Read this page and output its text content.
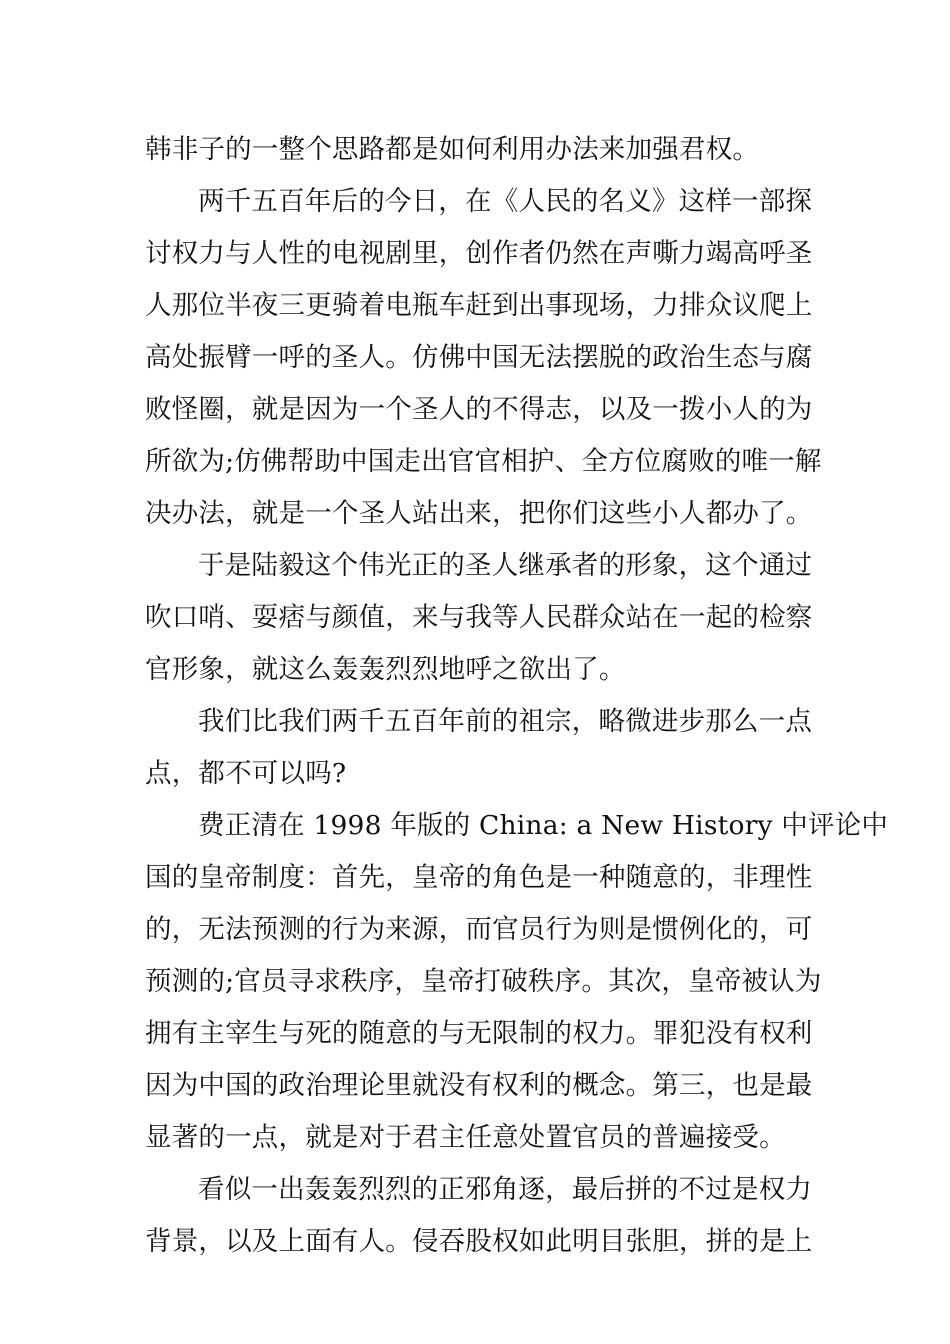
韩非子的一整个思路都是如何利用办法来加强君权。
两千五百年后的今日，在《人民的名义》这样一部探
讨权力与人性的电视剧里，创作者仍然在声嘶力竭高呼圣
人那位半夜三更骑着电瓶车赶到出事现场，力排众议爬上
高处振臂一呼的圣人。仿佛中国无法摆脱的政治生态与腐
败怪圈，就是因为一个圣人的不得志，以及一拨小人的为
所欲为;仿佛帮助中国走出官官相护、全方位腐败的唯一解
决办法，就是一个圣人站出来，把你们这些小人都办了。
于是陆毅这个伟光正的圣人继承者的形象，这个通过
吹口哨、耍痞与颜值，来与我等人民群众站在一起的检察
官形象，就这么轰轰烈烈地呼之欲出了。
我们比我们两千五百年前的祖宗，略微进步那么一点
点，都不可以吗?
费正清在 1998 年版的 China: a New History 中评论中
国的皇帝制度：首先，皇帝的角色是一种随意的，非理性
的，无法预测的行为来源，而官员行为则是惯例化的，可
预测的;官员寻求秩序，皇帝打破秩序。其次，皇帝被认为
拥有主宰生与死的随意的与无限制的权力。罪犯没有权利
因为中国的政治理论里就没有权利的概念。第三，也是最
显著的一点，就是对于君主任意处置官员的普遍接受。
看似一出轰轰烈烈的正邪角逐，最后拼的不过是权力
背景，以及上面有人。侵吞股权如此明目张胆，拼的是上
